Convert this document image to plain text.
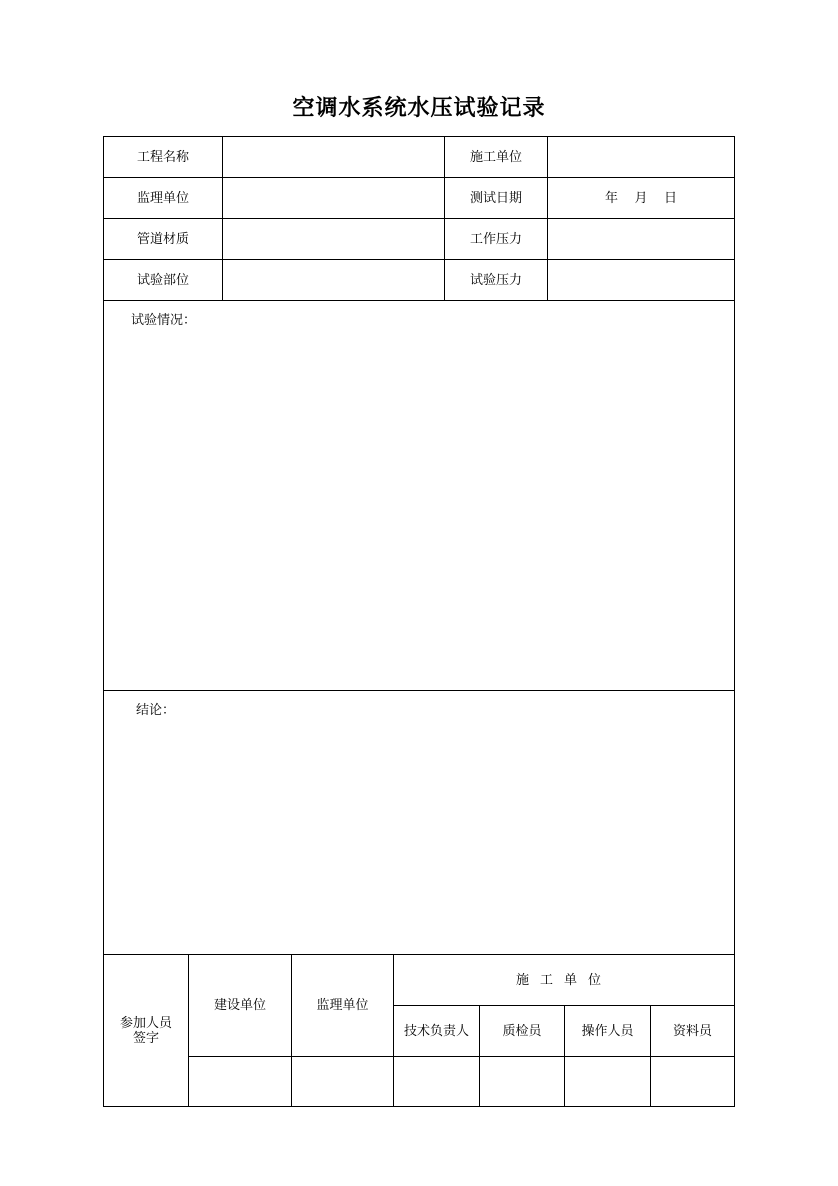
空调水系统水压试验记录
工程名称	施工单位
监理单位	测试日期	年    月    日
管道材质	工作压力
试验部位	试验压力
试验情况：
结论：
参加人员
签字
建设单位	监理单位
施工单位
技术负责人	质检员	操作人员	资料员
